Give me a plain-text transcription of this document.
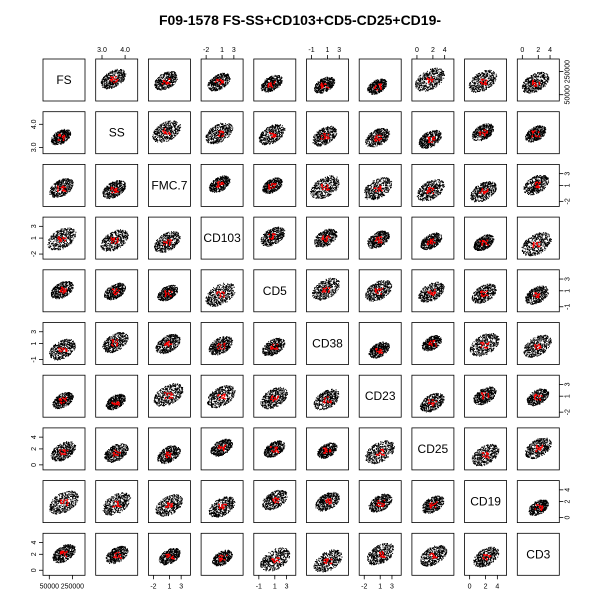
F09-1578 FS-SS+CD103+CD5-CD25+CD19-
FS
SS
FMC.7
CD103
CD5
CD38
CD23
CD25
CD19
CD3
3.0 4.0	-2 1 3	-1 1 3	0 2 4	0 2 4
50000 250000	-2 1 3	-1 1 3	-2 1 3	0 2 4
3.0
4.0
-2
1
3
-1
1
3
0
2
4
0
2
4
50000
250000
-2
1
3
-1
1
3
-2
1
3
0
2
4
